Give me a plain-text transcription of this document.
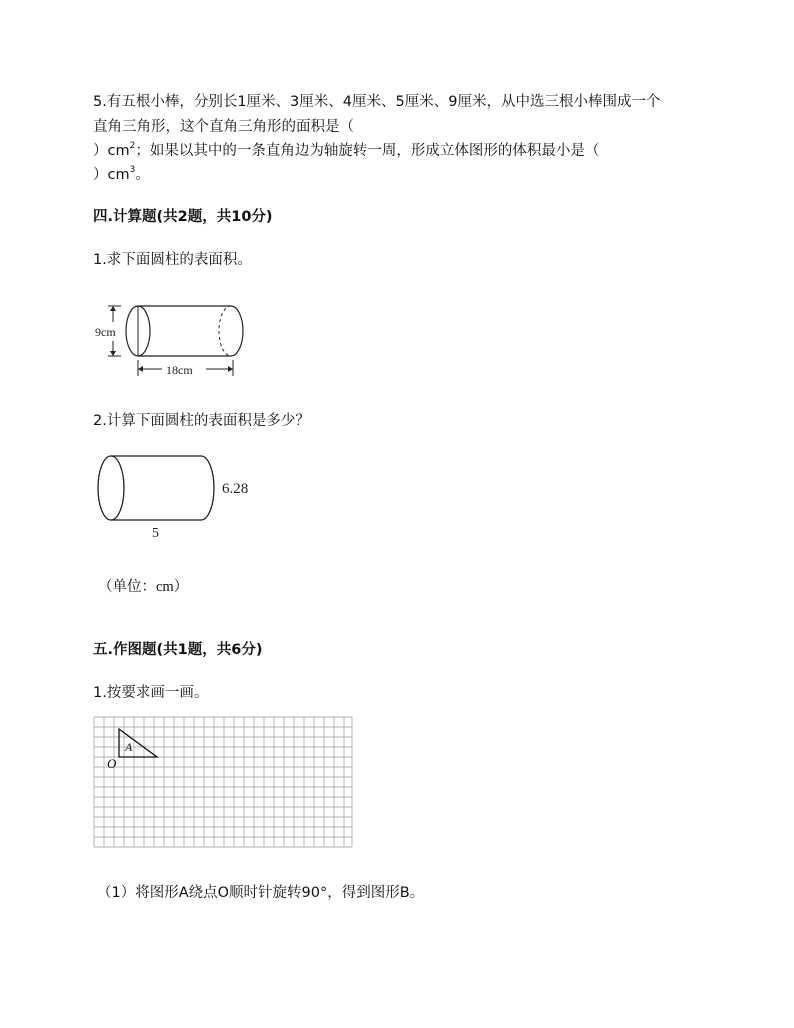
5.有五根小棒，分别长1厘米、3厘米、4厘米、5厘米、9厘米，从中选三根小棒围成一个
直角三角形，这个直角三角形的面积是（
）$cm^2$；如果以其中的一条直角边为轴旋转一周，形成立体图形的体积最小是（
）$cm^3$。
四.计算题(共2题，共10分)
1.求下面圆柱的表面积。
9cm
18cm
2.计算下面圆柱的表面积是多少？
6.28
5
（单位：cm）
五.作图题(共1题，共6分)
1.按要求画一画。
A
O
（1）将图形A绕点O顺时针旋转90°，得到图形B。
